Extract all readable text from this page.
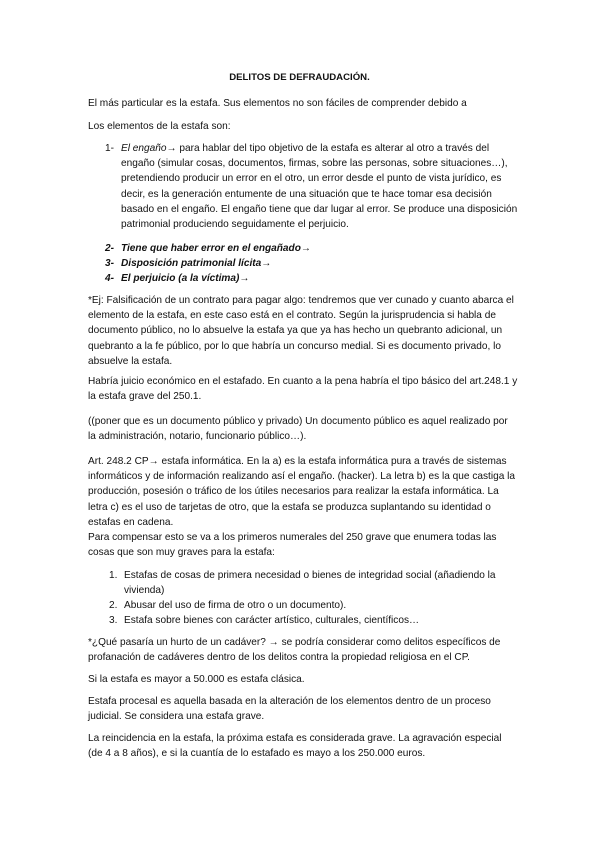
DELITOS DE DEFRAUDACIÓN.

El más particular es la estafa. Sus elementos no son fáciles de comprender debido a

Los elementos de la estafa son:

1- El engaño→ para hablar del tipo objetivo de la estafa es alterar al otro a través del engaño (simular cosas, documentos, firmas, sobre las personas, sobre situaciones…), pretendiendo producir un error en el otro, un error desde el punto de vista jurídico, es decir, es la generación entumente de una situación que te hace tomar esa decisión basado en el engaño. El engaño tiene que dar lugar al error. Se produce una disposición patrimonial produciendo seguidamente el perjuicio.

2- Tiene que haber error en el engañado→

3- Disposición patrimonial lícita→

4- El perjuicio (a la víctima)→

*Ej: Falsificación de un contrato para pagar algo: tendremos que ver cunado y cuanto abarca el elemento de la estafa, en este caso está en el contrato. Según la jurisprudencia si habla de documento público, no lo absuelve la estafa ya que ya has hecho un quebranto adicional, un quebranto a la fe público, por lo que habría un concurso medial. Si es documento privado, lo absuelve la estafa.

Habría juicio económico en el estafado. En cuanto a la pena habría el tipo básico del art.248.1 y la estafa grave del 250.1.

((poner que es un documento público y privado) Un documento público es aquel realizado por la administración, notario, funcionario público…).

Art. 248.2 CP→ estafa informática. En la a) es la estafa informática pura a través de sistemas informáticos y de información realizando así el engaño. (hacker). La letra b) es la que castiga la producción, posesión o tráfico de los útiles necesarios para realizar la estafa informática. La letra c) es el uso de tarjetas de otro, que la estafa se produzca suplantando su identidad o estafas en cadena.

Para compensar esto se va a los primeros numerales del 250 grave que enumera todas las cosas que son muy graves para la estafa:

1. Estafas de cosas de primera necesidad o bienes de integridad social (añadiendo la vivienda)

2. Abusar del uso de firma de otro o un documento).

3. Estafa sobre bienes con carácter artístico, culturales, científicos…

*¿Qué pasaría un hurto de un cadáver? → se podría considerar como delitos específicos de profanación de cadáveres dentro de los delitos contra la propiedad religiosa en el CP.

Si la estafa es mayor a 50.000 es estafa clásica.

Estafa procesal es aquella basada en la alteración de los elementos dentro de un proceso judicial. Se considera una estafa grave.

La reincidencia en la estafa, la próxima estafa es considerada grave. La agravación especial (de 4 a 8 años), e si la cuantía de lo estafado es mayo a los 250.000 euros.
